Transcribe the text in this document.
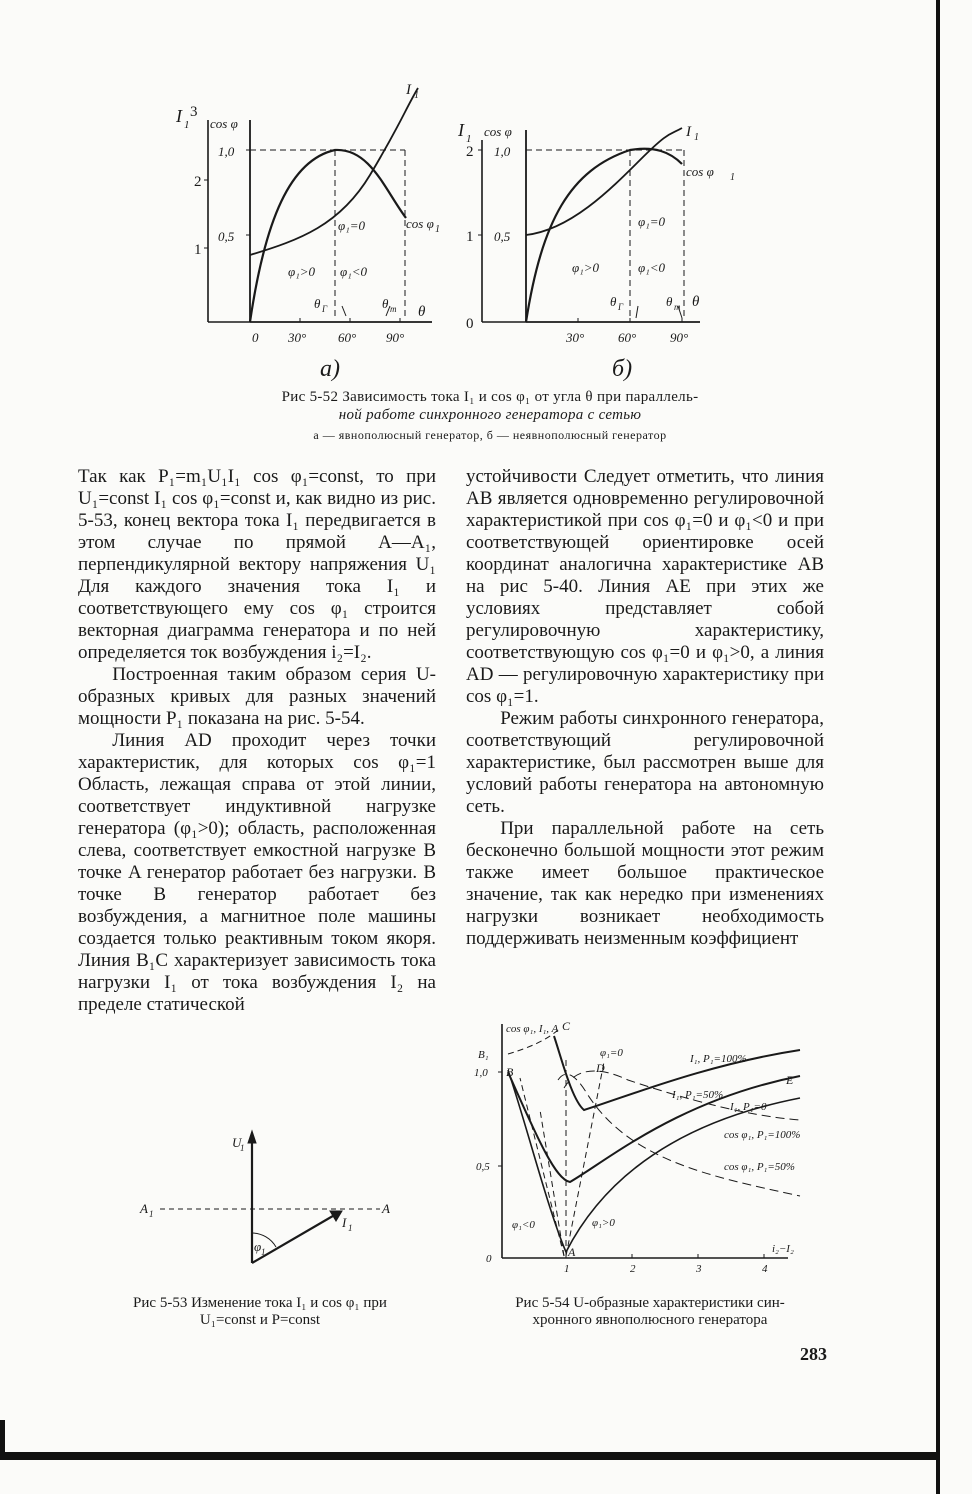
I 1
3
2
1
cos φ
1,0
0,5
0 30° 60° 90°
I 1
cos φ 1
φ₁=0
φ₁>0 φ₁<0
θ Г	θ m θ
а)
I 1
2
1
0
cos φ
1,0
0,5
30°	60°	90°
I 1
cos φ 1
φ₁=0
φ₁>0	φ₁<0
θ Г	θ m θ
б)
Рис 5-52 Зависимость тока I₁ и cos φ₁ от угла θ при параллель-
ной работе синхронного генератора с сетью
а — явнополюсный генератор, б — неявнополюсный генератор

Так как P₁=m₁U₁I₁ cos φ₁=const, то при U₁=const I₁ cos φ₁=const и, как видно из рис. 5-53, конец вектора тока I₁ передвигается в этом случае по прямой A—A₁, перпендикулярной вектору напряжения U₁ Для каждого значения тока I₁ и соответствующего ему cos φ₁ строится векторная диаграмма генератора и по ней определяется ток возбуждения i₂=I₂.

Построенная таким образом серия U-образных кривых для разных значений мощности P₁ показана на рис. 5-54.

Линия AD проходит через точки характеристик, для которых cos φ₁=1 Область, лежащая справа от этой линии, соответствует индуктивной нагрузке генератора (φ₁>0); область, расположенная слева, соответствует емкостной нагрузке В точке A генератор работает без нагрузки. В точке B генератор работает без возбуждения, а магнитное поле машины создается только реактивным током якоря. Линия B₁C характеризует зависимость тока нагрузки I₁ от тока возбуждения I₂ на пределе статической

устойчивости Следует отметить, что линия AB является одновременно регулировочной характеристикой при cos φ₁=0 и φ₁<0 и при соответствующей ориентировке осей координат аналогична характеристике AB на рис 5-40. Линия AE при этих же условиях представляет собой регулировочную характеристику, соответствующую cos φ₁=0 и φ₁>0, а линия AD — регулировочную характеристику при cos φ₁=1.

Режим работы синхронного генератора, соответствующий регулировочной характеристике, был рассмотрен выше для условий работы генератора на автономную сеть.

При параллельной работе на сеть бесконечно большой мощности этот режим также имеет большое практическое значение, так как нередко при изменениях нагрузки возникает необходимость поддерживать неизменным коэффициент

U
1
A 1	A
I 1
φ 1
Рис 5-53 Изменение тока I₁ и cos φ₁ при
U₁=const и P=const
cos φ₁, I₁, A C
B₁
1,0 B
0,5
0
1	2	3	4
i₂−I₂
A
D
E
φ₁=0	I₁, P₁=100%
I₁, P₁=50%
I₁, P₁=0
cos φ₁, P₁=100%
cos φ₁, P₁=50%
φ₁<0	φ₁>0
Рис 5-54 U-образные характеристики син-
хронного явнополюсного генератора
283
